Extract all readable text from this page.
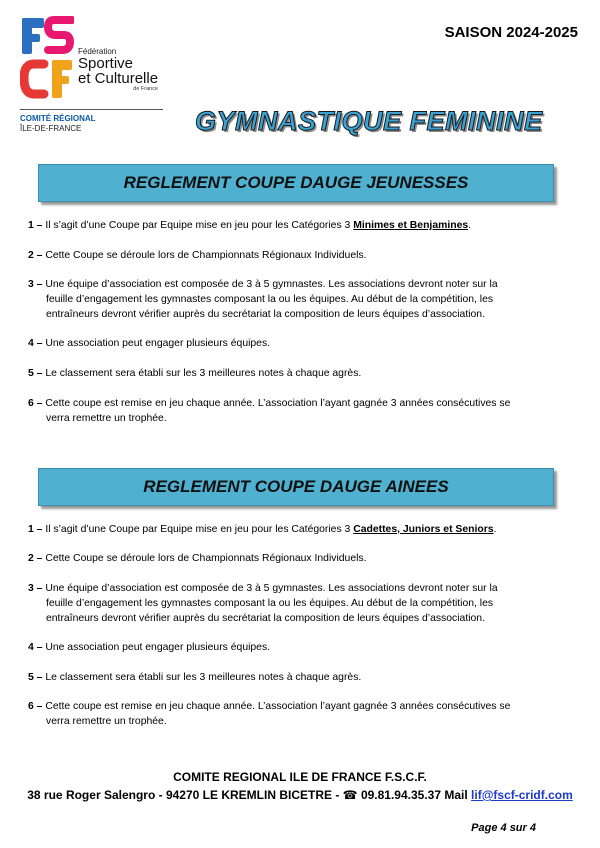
Fédération
Sportive
et Culturelle
de France
COMITÉ RÉGIONAL
ÎLE-DE-FRANCE
SAISON 2024-2025
GYMNASTIQUE FEMININE
REGLEMENT COUPE DAUGE JEUNESSES
1 – Il s’agit d’une Coupe par Equipe mise en jeu pour les Catégories 3 Minimes et Benjamines.
2 – Cette Coupe se déroule lors de Championnats Régionaux Individuels.
3 – Une équipe d’association est composée de 3 à 5 gymnastes. Les associations devront noter sur la
feuille d’engagement les gymnastes composant la ou les équipes. Au début de la compétition, les entraîneurs devront vérifier auprès du secrétariat la composition de leurs équipes d’association.
4 – Une association peut engager plusieurs équipes.
5 – Le classement sera établi sur les 3 meilleures notes à chaque agrès.
6 – Cette coupe est remise en jeu chaque année. L’association l’ayant gagnée 3 années consécutives se
verra remettre un trophée.
REGLEMENT COUPE DAUGE AINEES
1 – Il s’agit d’une Coupe par Equipe mise en jeu pour les Catégories 3 Cadettes, Juniors et Seniors.
2 – Cette Coupe se déroule lors de Championnats Régionaux Individuels.
3 – Une équipe d’association est composée de 3 à 5 gymnastes. Les associations devront noter sur la
feuille d’engagement les gymnastes composant la ou les équipes. Au début de la compétition, les entraîneurs devront vérifier auprès du secrétariat la composition de leurs équipes d’association.
4 – Une association peut engager plusieurs équipes.
5 – Le classement sera établi sur les 3 meilleures notes à chaque agrès.
6 – Cette coupe est remise en jeu chaque année. L’association l’ayant gagnée 3 années consécutives se
verra remettre un trophée.
COMITE REGIONAL ILE DE FRANCE F.S.C.F.
38 rue Roger Salengro - 94270 LE KREMLIN BICETRE - ☎ 09.81.94.35.37 Mail lif@fscf-cridf.com
Page 4 sur 4
